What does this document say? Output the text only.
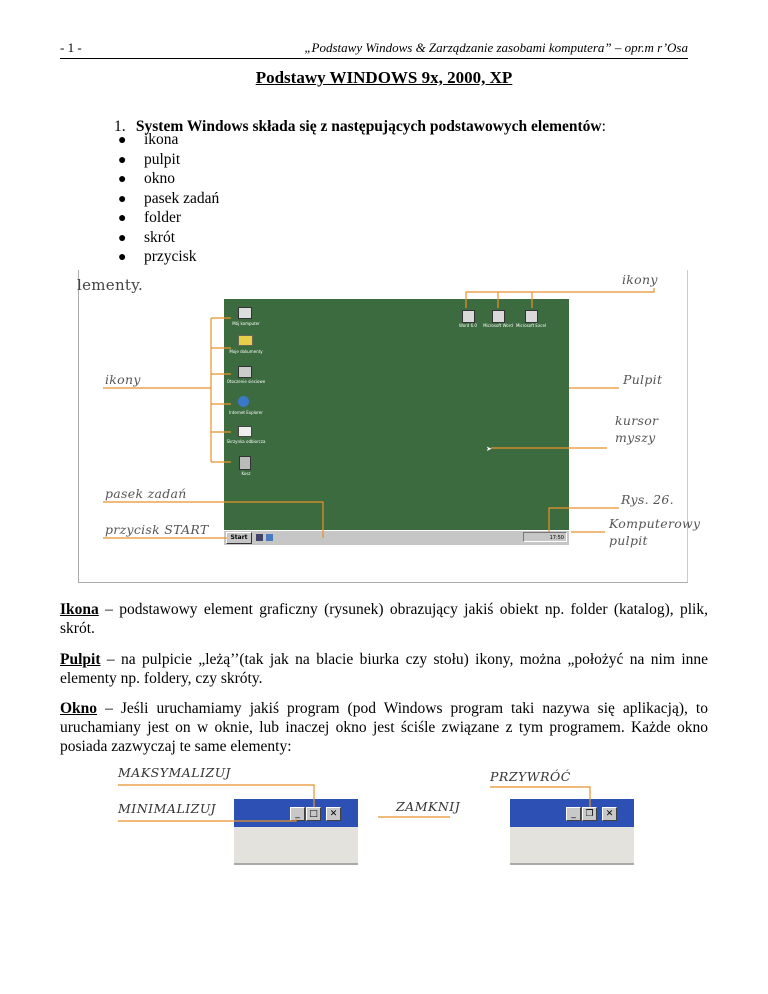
- 1 -	„Podstawy Windows & Zarządzanie zasobami komputera” – opr.m r’Osa
Podstawy WINDOWS 9x, 2000, XP
1. System Windows składa się z następujących podstawowych elementów:
● ikona
● pulpit
● okno
● pasek zadań
● folder
● skrót
● przycisk
lementy.
Mój komputer
Moje dokumenty
Otoczenie sieciowe
Internet Explorer
Skrzynka odbiorcza
Kosz
Word 6.0	Microsoft Word Microsoft Excel
➤
Start	17:50
ikony
ikony	Pulpit
kursor
myszy
pasek zadań	Rys. 26.
przycisk START	Komputerowy
pulpit
Ikona – podstawowy element graficzny (rysunek) obrazujący jakiś obiekt np. folder (katalog), plik, skrót.
Pulpit – na pulpicie „leżą’’(tak jak na blacie biurka czy stołu) ikony, można „położyć na nim inne elementy np. foldery, czy skróty.
Okno – Jeśli uruchamiamy jakiś program (pod Windows program taki nazywa się aplikacją), to uruchamiany jest on w oknie, lub inaczej okno jest ściśle związane z tym programem. Każde okno posiada zazwyczaj te same elementy:
MAKSYMALIZUJ
MINIMALIZUJ	ZAMKNIJ
PRZYWRÓĆ
_	□	✕	_	❐	✕
